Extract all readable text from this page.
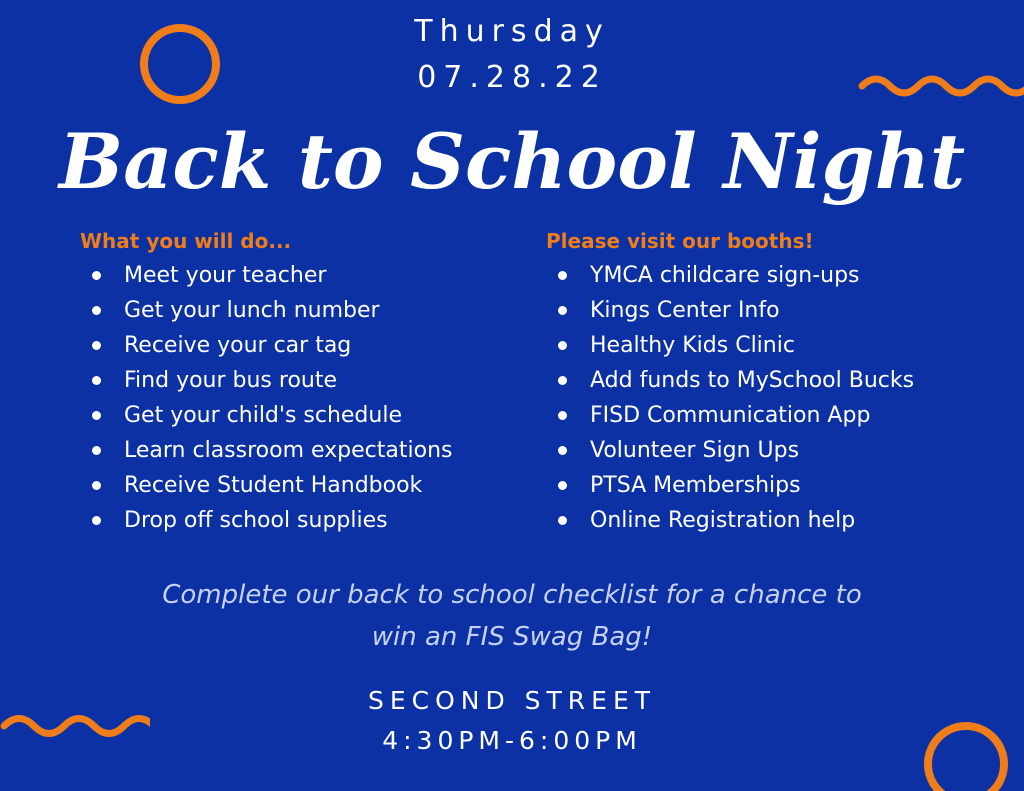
Thursday
07.28.22
Back to School Night
What you will do...
Meet your teacher
Get your lunch number
Receive your car tag
Find your bus route
Get your child's schedule
Learn classroom expectations
Receive Student Handbook
Drop off school supplies
Please visit our booths!
YMCA childcare sign-ups
Kings Center Info
Healthy Kids Clinic
Add funds to MySchool Bucks
FISD Communication App
Volunteer Sign Ups
PTSA Memberships
Online Registration help
Complete our back to school checklist for a chance to
win an FIS Swag Bag!
SECOND STREET
4:30PM-6:00PM
